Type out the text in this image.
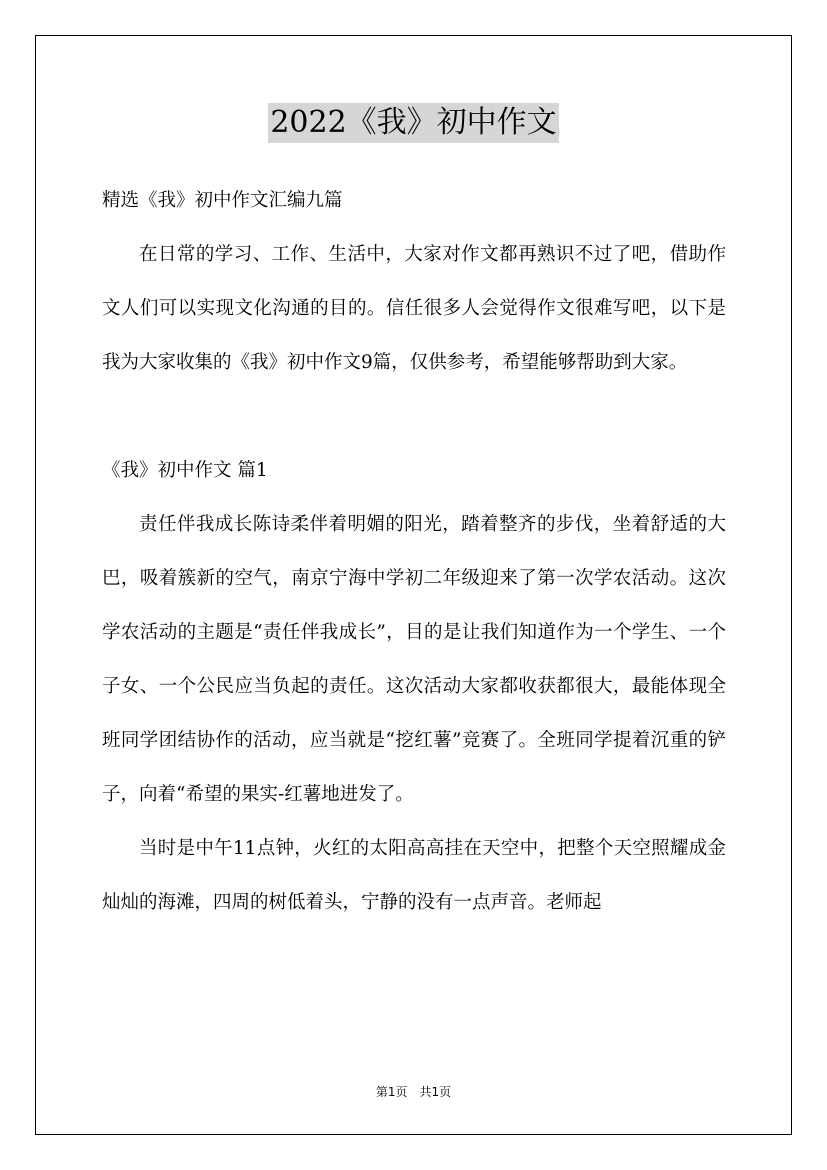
2022《我》初中作文

精选《我》初中作文汇编九篇

在日常的学习、工作、生活中，大家对作文都再熟识不过了吧，借助作文人们可以实现文化沟通的目的。信任很多人会觉得作文很难写吧，以下是我为大家收集的《我》初中作文9篇，仅供参考，希望能够帮助到大家。

《我》初中作文 篇1

责任伴我成长陈诗柔伴着明媚的阳光，踏着整齐的步伐，坐着舒适的大巴，吸着簇新的空气，南京宁海中学初二年级迎来了第一次学农活动。这次学农活动的主题是“责任伴我成长”，目的是让我们知道作为一个学生、一个子女、一个公民应当负起的责任。这次活动大家都收获都很大，最能体现全班同学团结协作的活动，应当就是“挖红薯”竞赛了。全班同学提着沉重的铲子，向着“希望的果实-红薯地进发了。

当时是中午11点钟，火红的太阳高高挂在天空中，把整个天空照耀成金灿灿的海滩，四周的树低着头，宁静的没有一点声音。老师起

第1页　共1页
